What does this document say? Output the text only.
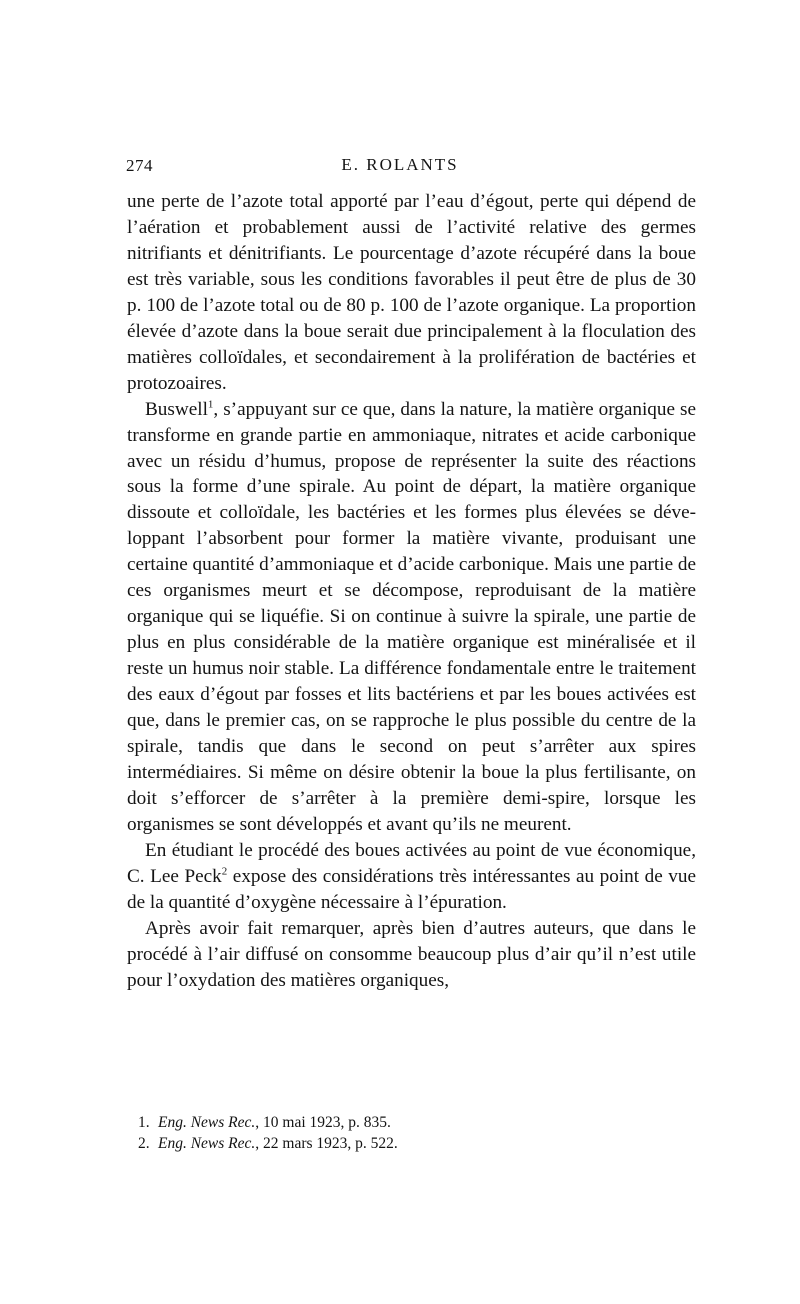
274	E. ROLANTS

une perte de l’azote total apporté par l’eau d’égout, perte qui dépend de l’aération et probablement aussi de l’activité relative des germes nitrifiants et dénitrifiants. Le pourcentage d’azote récupéré dans la boue est très variable, sous les conditions favorables il peut être de plus de 30 p. 100 de l’azote total ou de 80 p. 100 de l’azote organique. La proportion élevée d’azote dans la boue serait due principalement à la floculation des matières colloïdales, et secondairement à la prolifération de bactéries et protozoaires.

Buswell$^1$, s’appuyant sur ce que, dans la nature, la matière organique se transforme en grande partie en ammoniaque, nitrates et acide carbonique avec un résidu d’humus, propose de représenter la suite des réactions sous la forme d’une spirale. Au point de départ, la matière organique dissoute et colloïdale, les bactéries et les formes plus élevées se développant l’absorbent pour former la matière vivante, produisant une certaine quantité d’ammoniaque et d’acide carbonique. Mais une partie de ces organismes meurt et se décompose, reproduisant de la matière organique qui se liquéfie. Si on continue à suivre la spirale, une partie de plus en plus considérable de la matière organique est minéralisée et il reste un humus noir stable. La différence fondamentale entre le traitement des eaux d’égout par fosses et lits bactériens et par les boues activées est que, dans le premier cas, on se rapproche le plus possible du centre de la spirale, tandis que dans le second on peut s’arrêter aux spires intermédiaires. Si même on désire obtenir la boue la plus fertilisante, on doit s’efforcer de s’arrêter à la première demi-spire, lorsque les organismes se sont développés et avant qu’ils ne meurent.

En étudiant le procédé des boues activées au point de vue économique, C. Lee Peck$^2$ expose des considérations très intéressantes au point de vue de la quantité d’oxygène nécessaire à l’épuration.

Après avoir fait remarquer, après bien d’autres auteurs, que dans le procédé à l’air diffusé on consomme beaucoup plus d’air qu’il n’est utile pour l’oxydation des matières organiques,

1. Eng. News Rec., 10 mai 1923, p. 835.

2. Eng. News Rec., 22 mars 1923, p. 522.
